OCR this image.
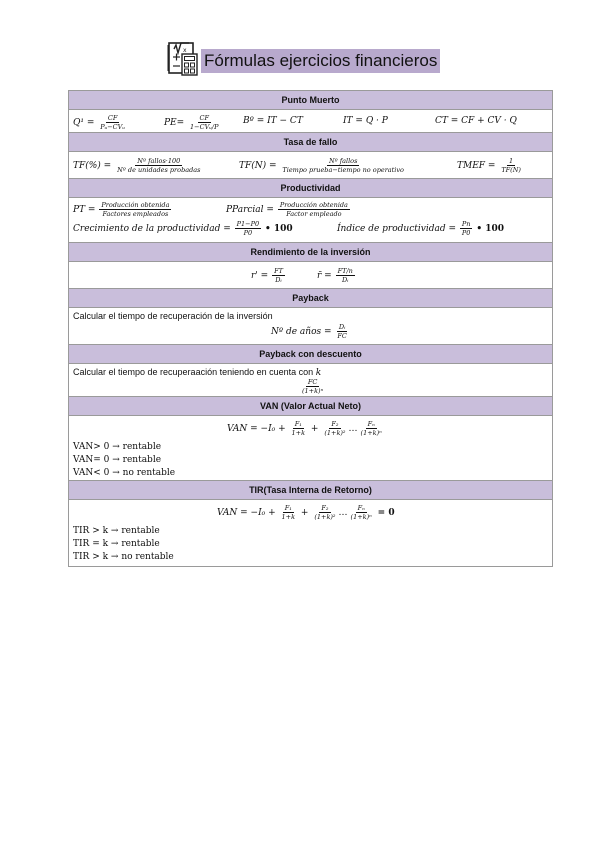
x
Fórmulas ejercicios financieros
Punto Muerto
$Q^1 = \frac{CF}{\text{Pᵤ−CVᵤ}}$	$PE= \frac{CF}{\text{1−CVᵤ/P}}$	Bº = IT − CT	IT = Q · P	CT = CF + CV · Q
Tasa de fallo
$TF(\%) = \frac{\text{Nº fallos·100}}{\text{Nº de unidades probadas}}$	$TF(N) = \frac{\text{Nº fallos}}{\text{Tiempo prueba−tiempo no operativo}}$	TMEF = $\frac{1}{TF(N)}$
Productividad
PT = $\frac{\text{Producción obtenida}}{\text{Factores empleados}}$	PParcial = $\frac{\text{Producción obtenida}}{\text{Factor empleado}}$
Crecimiento de la productividad = $\frac{P1-P0}{P0}$ • 100	Índice de productividad = $\frac{Pn}{P0}$ • 100
Rendimiento de la inversión
$r' = \frac{FT}{\text{Dᵢ}}$	r̄ = $\frac{FT/n}{\text{Dᵢ}}$
Payback
Calcular el tiempo de recuperación de la inversión
Nº de años = $\frac{\text{Dᵢ}}{FC}$
Payback con descuento
Calcular el tiempo de recuperaación teniendo en cuenta con k
$\frac{FC}{\text{(1+k)ⁿ}}$
VAN (Valor Actual Neto)
VAN = $-I_0 + \frac{\text{F₁}}{1+k} + \frac{\text{F₂}}{\text{(1+k)²}}$ … $\frac{\text{Fₙ}}{\text{(1+k)ⁿ}}$
VAN> 0 → rentable
VAN= 0 → rentable
VAN< 0 → no rentable
TIR(Tasa Interna de Retorno)
VAN = $-I_0 + \frac{\text{F₁}}{1+k} + \frac{\text{F₂}}{\text{(1+k)²}}$ … $\frac{\text{Fₙ}}{\text{(1+k)ⁿ}} = 0$
TIR > k → rentable
TIR = k → rentable
TIR > k → no rentable
